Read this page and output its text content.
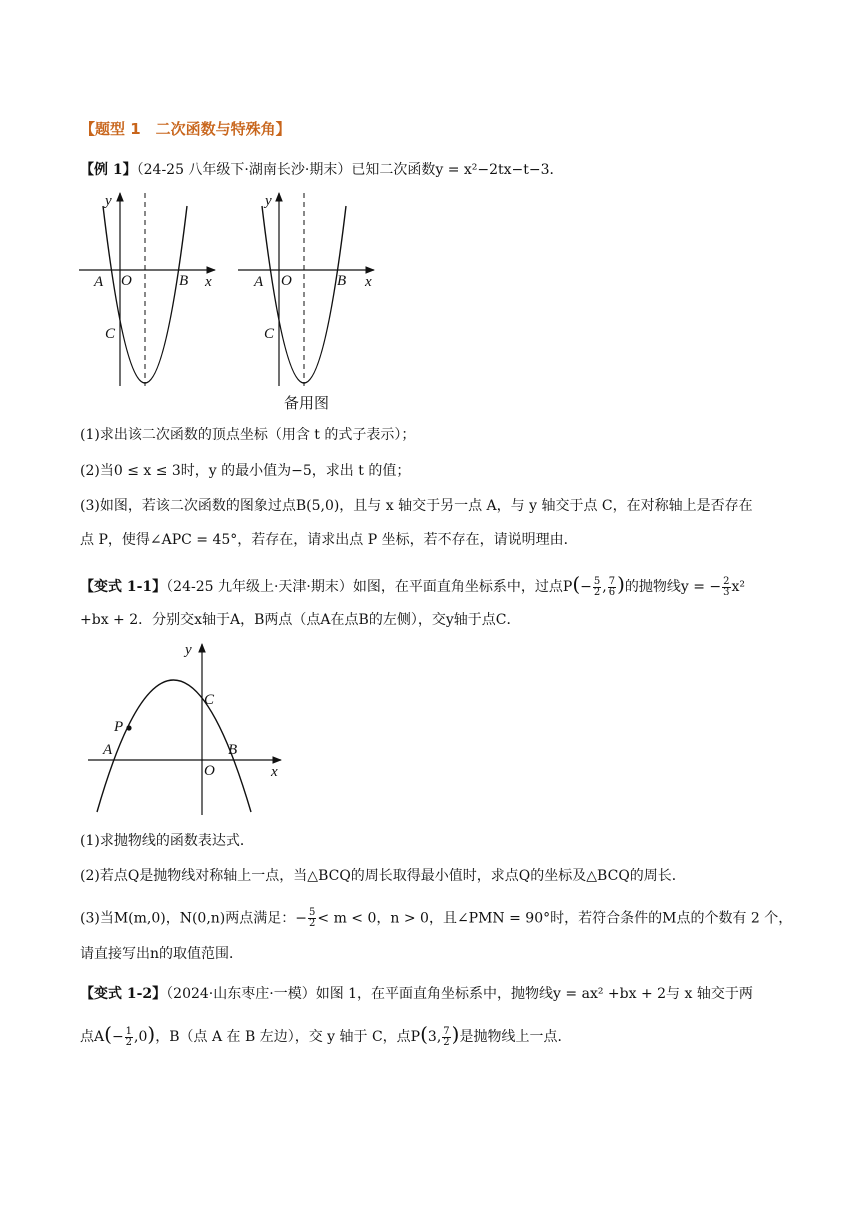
【题型 1　二次函数与特殊角】
【例 1】（24-25 八年级下·湖南长沙·期末）已知二次函数y = x²−2tx−t−3．
y
x
O
A	B
C
y
x
O
A	B
C
备用图
(1)求出该二次函数的顶点坐标（用含 t 的式子表示）；
(2)当0 ≤ x ≤ 3时，y 的最小值为−5，求出 t 的值；
(3)如图，若该二次函数的图象过点B(5,0)，且与 x 轴交于另一点 A，与 y 轴交于点 C，在对称轴上是否存在
点 P，使得∠APC = 45°，若存在，请求出点 P 坐标，若不存在，请说明理由．
【变式 1-1】（24-25 九年级上·天津·期末）如图，在平面直角坐标系中，过点$P(- \frac{5}{2}$ , $\frac{7}{6}$ )的抛物线y = − $\frac{2}{3} x^2$
+bx + 2．分别交x轴于A，B两点（点A在点B的左侧），交y轴于点C．
y
x
O
A	B
C
P
(1)求抛物线的函数表达式．
(2)若点Q是抛物线对称轴上一点，当△BCQ的周长取得最小值时，求点Q的坐标及△BCQ的周长．
(3)当M(m,0)，N(0,n)两点满足：− $\frac{5}{2} < m < 0$，n > 0，且∠PMN = 90°时，若符合条件的M点的个数有 2 个，
请直接写出n的取值范围．
【变式 1-2】（2024·山东枣庄·一模）如图 1，在平面直角坐标系中，抛物线y = ax² +bx + 2与 x 轴交于两
点$A(- \frac{1}{2} ,0)$，B（点 A 在 B 左边），交 y 轴于 C，点P(3, $\frac{7}{2}$ )是抛物线上一点．
